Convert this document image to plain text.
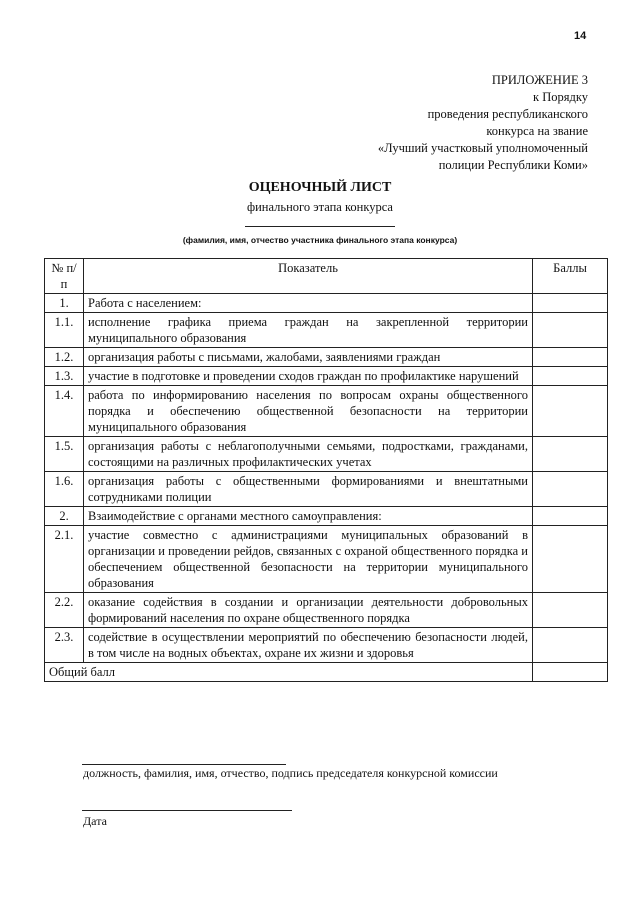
14
ПРИЛОЖЕНИЕ 3
к Порядку
проведения республиканского
конкурса на звание
«Лучший участковый уполномоченный
полиции Республики Коми»
ОЦЕНОЧНЫЙ ЛИСТ
финального этапа конкурса
(фамилия, имя, отчество участника финального этапа конкурса)
№ п/п	Показатель	Баллы
1.	Работа с населением:	
1.1.	исполнение графика приема граждан на закрепленной территории муниципального образования	
1.2.	организация работы с письмами, жалобами, заявлениями граждан	
1.3.	участие в подготовке и проведении сходов граждан по профилактике нарушений	
1.4.	работа по информированию населения по вопросам охраны общественного порядка и обеспечению общественной безопасности на территории муниципального образования	
1.5.	организация работы с неблагополучными семьями, подростками, гражданами, состоящими на различных профилактических учетах	
1.6.	организация работы с общественными формированиями и внештатными сотрудниками полиции	
2.	Взаимодействие с органами местного самоуправления:	
2.1.	участие совместно с администрациями муниципальных образований в организации и проведении рейдов, связанных с охраной общественного порядка и обеспечением общественной безопасности на территории муниципального образования	
2.2.	оказание содействия в создании и организации деятельности добровольных формирований населения по охране общественного порядка	
2.3.	содействие в осуществлении мероприятий по обеспечению безопасности людей, в том числе на водных объектах, охране их жизни и здоровья	
Общий балл		
должность, фамилия, имя, отчество, подпись председателя конкурсной комиссии
Дата
